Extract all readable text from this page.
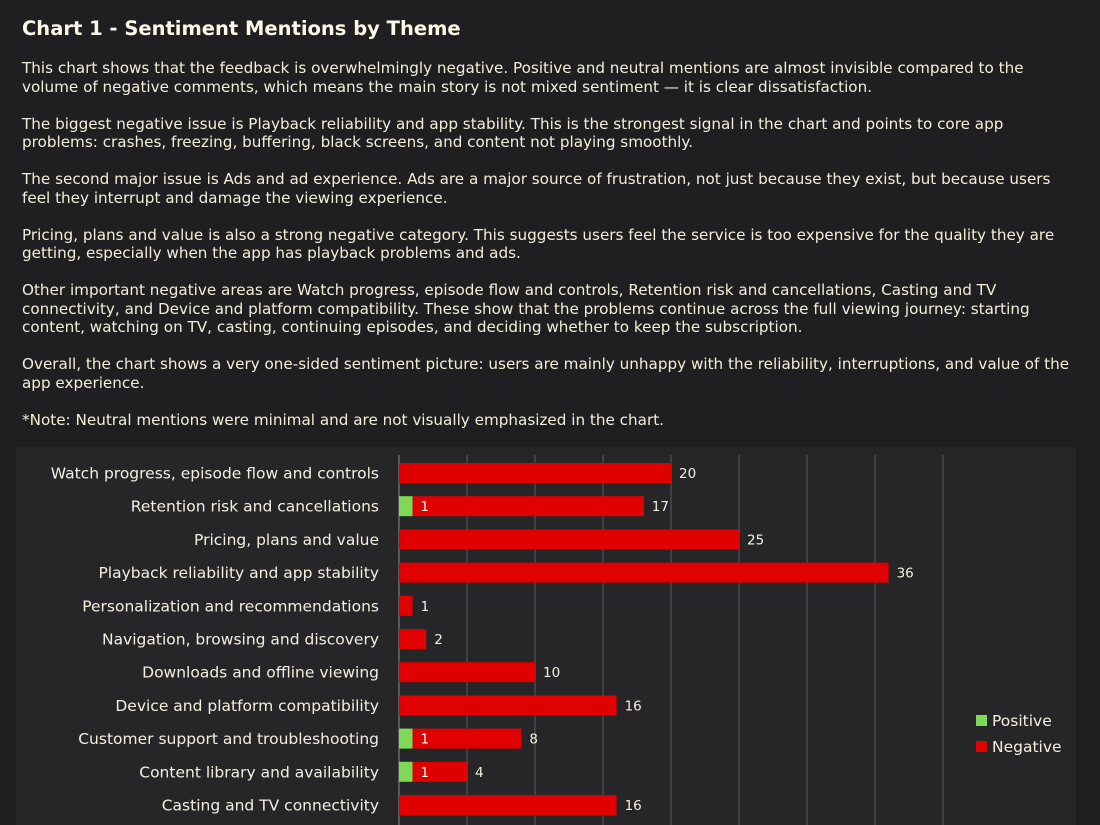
Chart 1 - Sentiment Mentions by Theme

This chart shows that the feedback is overwhelmingly negative. Positive and neutral mentions are almost invisible compared to the volume of negative comments, which means the main story is not mixed sentiment — it is clear dissatisfaction.

The biggest negative issue is Playback reliability and app stability. This is the strongest signal in the chart and points to core app problems: crashes, freezing, buffering, black screens, and content not playing smoothly.

The second major issue is Ads and ad experience. Ads are a major source of frustration, not just because they exist, but because users feel they interrupt and damage the viewing experience.

Pricing, plans and value is also a strong negative category. This suggests users feel the service is too expensive for the quality they are getting, especially when the app has playback problems and ads.

Other important negative areas are Watch progress, episode flow and controls, Retention risk and cancellations, Casting and TV connectivity, and Device and platform compatibility. These show that the problems continue across the full viewing journey: starting content, watching on TV, casting, continuing episodes, and deciding whether to keep the subscription.

Overall, the chart shows a very one-sided sentiment picture: users are mainly unhappy with the reliability, interruptions, and value of the app experience.

*Note: Neutral mentions were minimal and are not visually emphasized in the chart.

Watch progress, episode flow and controls	20
Retention risk and cancellations	1	17
Pricing, plans and value	25
Playback reliability and app stability	36
Personalization and recommendations	1
Navigation, browsing and discovery	2
Downloads and offline viewing	10
Device and platform compatibility	16
Customer support and troubleshooting	1	8
Content library and availability	1	4
Casting and TV connectivity	16
Positive
Negative
